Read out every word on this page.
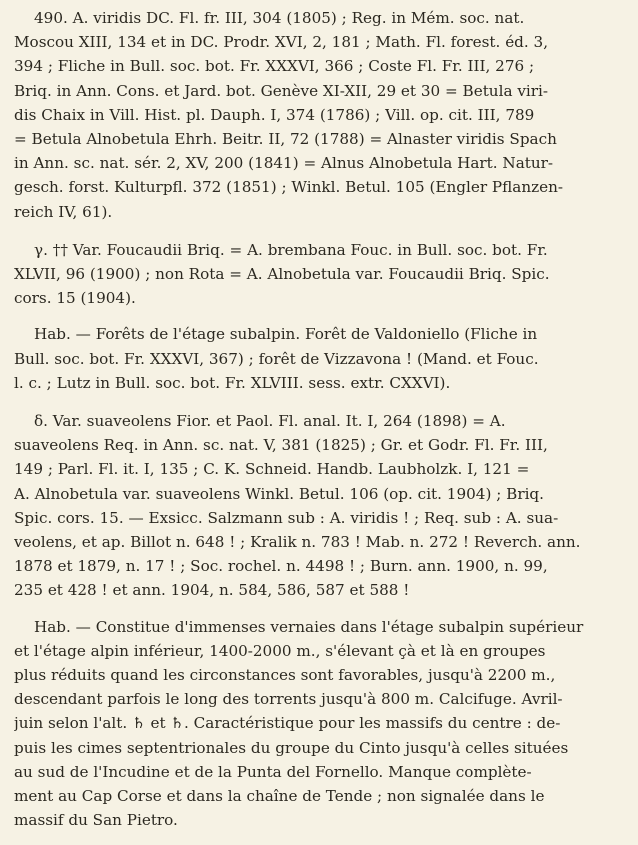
490. A. viridis DC. Fl. fr. III, 304 (1805) ; Reg. in Mém. soc. nat.
Moscou XIII, 134 et in DC. Prodr. XVI, 2, 181 ; Math. Fl. forest. éd. 3,
394 ; Fliche in Bull. soc. bot. Fr. XXXVI, 366 ; Coste Fl. Fr. III, 276 ;
Briq. in Ann. Cons. et Jard. bot. Genève XI-XII, 29 et 30 = Betula viri-
dis Chaix in Vill. Hist. pl. Dauph. I, 374 (1786) ; Vill. op. cit. III, 789
= Betula Alnobetula Ehrh. Beitr. II, 72 (1788) = Alnaster viridis Spach
in Ann. sc. nat. sér. 2, XV, 200 (1841) = Alnus Alnobetula Hart. Natur-
gesch. forst. Kulturpfl. 372 (1851) ; Winkl. Betul. 105 (Engler Pflanzen-
reich IV, 61).
γ. †† Var. Foucaudii Briq. = A. brembana Fouc. in Bull. soc. bot. Fr.
XLVII, 96 (1900) ; non Rota = A. Alnobetula var. Foucaudii Briq. Spic.
cors. 15 (1904).
Hab. — Forêts de l'étage subalpin. Forêt de Valdoniello (Fliche in
Bull. soc. bot. Fr. XXXVI, 367) ; forêt de Vizzavona ! (Mand. et Fouc.
l. c. ; Lutz in Bull. soc. bot. Fr. XLVIII. sess. extr. CXXVI).
δ. Var. suaveolens Fior. et Paol. Fl. anal. It. I, 264 (1898) = A.
suaveolens Req. in Ann. sc. nat. V, 381 (1825) ; Gr. et Godr. Fl. Fr. III,
149 ; Parl. Fl. it. I, 135 ; C. K. Schneid. Handb. Laubholzk. I, 121 =
A. Alnobetula var. suaveolens Winkl. Betul. 106 (op. cit. 1904) ; Briq.
Spic. cors. 15. — Exsicc. Salzmann sub : A. viridis ! ; Req. sub : A. sua-
veolens, et ap. Billot n. 648 ! ; Kralik n. 783 ! Mab. n. 272 ! Reverch. ann.
1878 et 1879, n. 17 ! ; Soc. rochel. n. 4498 ! ; Burn. ann. 1900, n. 99,
235 et 428 ! et ann. 1904, n. 584, 586, 587 et 588 !
Hab. — Constitue d'immenses vernaies dans l'étage subalpin supérieur
et l'étage alpin inférieur, 1400-2000 m., s'élevant çà et là en groupes
plus réduits quand les circonstances sont favorables, jusqu'à 2200 m.,
descendant parfois le long des torrents jusqu'à 800 m. Calcifuge. Avril-
juin selon l'alt. ♄ et ♄. Caractéristique pour les massifs du centre : de-
puis les cimes septentrionales du groupe du Cinto jusqu'à celles situées
au sud de l'Incudine et de la Punta del Fornello. Manque complète-
ment au Cap Corse et dans la chaîne de Tende ; non signalée dans le
massif du San Pietro.
